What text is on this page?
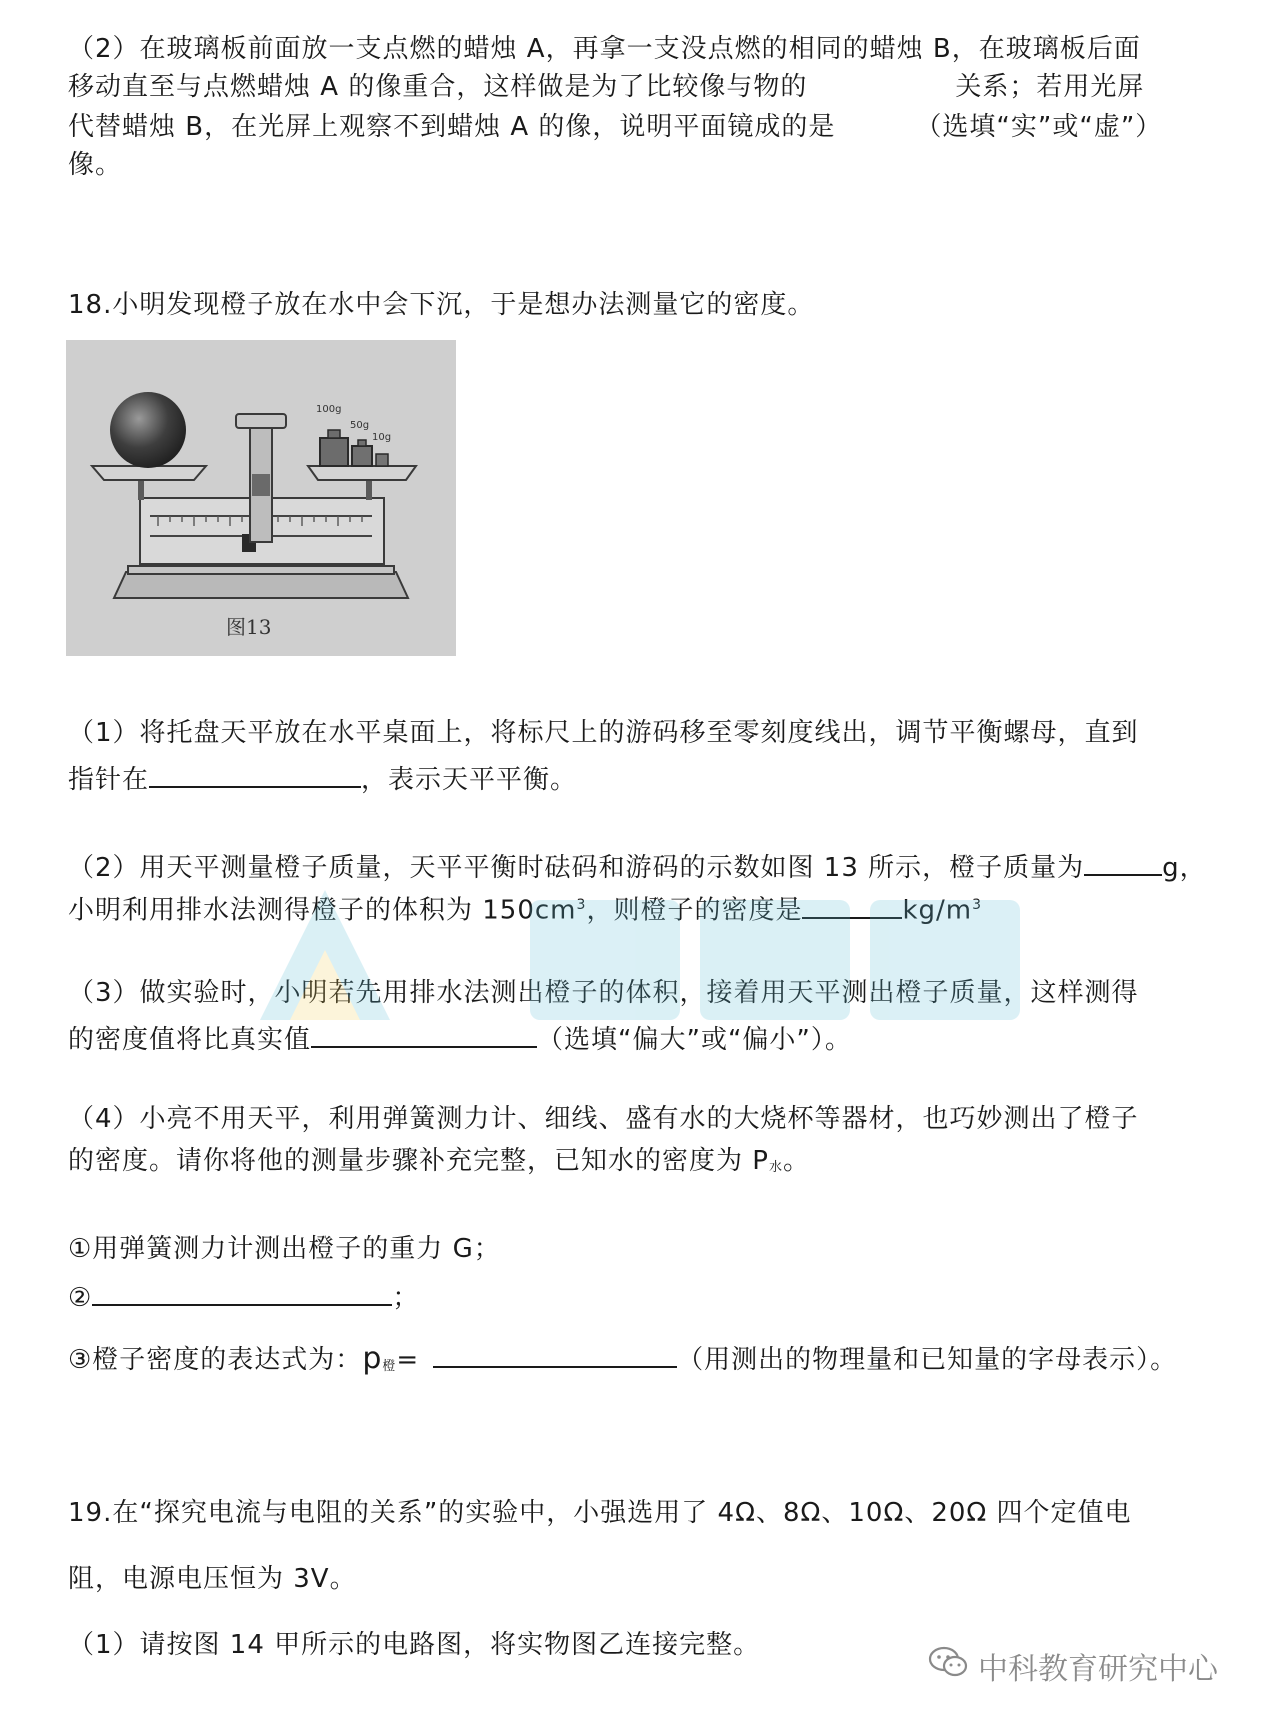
（2）在玻璃板前面放一支点燃的蜡烛 A，再拿一支没点燃的相同的蜡烛 B，在玻璃板后面
移动直至与点燃蜡烛 A 的像重合，这样做是为了比较像与物的	关系；若用光屏
代替蜡烛 B，在光屏上观察不到蜡烛 A 的像，说明平面镜成的是	（选填“实”或“虚”）
像。
18.小明发现橙子放在水中会下沉，于是想办法测量它的密度。
100g
50g
10g
图13
（1）将托盘天平放在水平桌面上，将标尺上的游码移至零刻度线出，调节平衡螺母，直到
指针在	，表示天平平衡。
（2）用天平测量橙子质量，天平平衡时砝码和游码的示数如图 13 所示，橙子质量为	g，
小明利用排水法测得橙子的体积为 $150cm^3$，则橙子的密度是	$kg/m^3$
（3）做实验时，小明若先用排水法测出橙子的体积，接着用天平测出橙子质量，这样测得
的密度值将比真实值	（选填“偏大”或“偏小”）。
（4）小亮不用天平，利用弹簧测力计、细线、盛有水的大烧杯等器材，也巧妙测出了橙子
的密度。请你将他的测量步骤补充完整，已知水的密度为 $P_水$。
①用弹簧测力计测出橙子的重力 G；
②	；
③橙子密度的表达式为：$p_橙=$	（用测出的物理量和已知量的字母表示）。
19.在“探究电流与电阻的关系”的实验中，小强选用了 4Ω、8Ω、10Ω、20Ω 四个定值电
阻，电源电压恒为 3V。
（1）请按图 14 甲所示的电路图，将实物图乙连接完整。
中科教育研究中心
